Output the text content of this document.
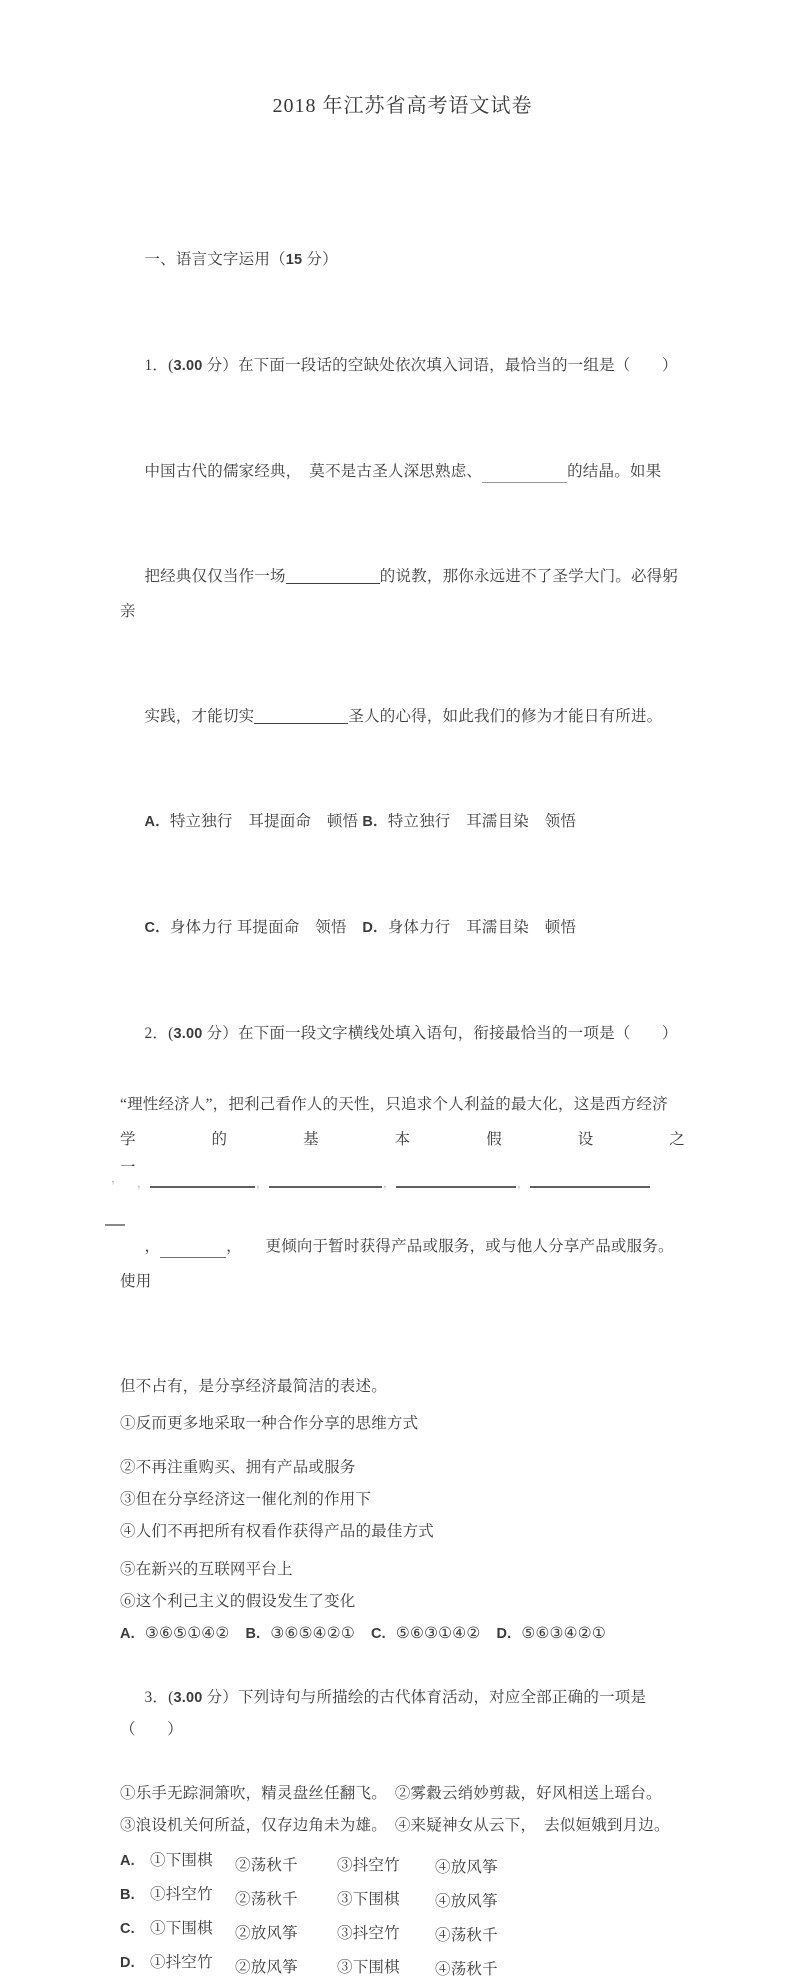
2018 年江苏省高考语文试卷

一、语言文字运用（15 分）

1．(3.00 分）在下面一段话的空缺处依次填入词语，最恰当的一组是（　　）

中国古代的儒家经典，　莫不是古圣人深思熟虑、	的结晶。如果

把经典仅仅当作一场	的说教，那你永远进不了圣学大门。必得躬亲

实践，才能切实	圣人的心得，如此我们的修为才能日有所进。

A．特立独行　耳提面命　顿悟 B．特立独行　耳濡目染　领悟

C．身体力行 耳提面命　领悟　D．身体力行　耳濡目染　顿悟

2．(3.00 分）在下面一段文字横线处填入语句，衔接最恰当的一项是（　　）

“理性经济人”，把利己看作人的天性，只追求个人利益的最大化，这是西方经济
学	的	基	本	假	设	之
一
， ，	，	，	，

，	，　　更倾向于暂时获得产品或服务，或与他人分享产品或服务。使用

但不占有，是分享经济最简洁的表述。
①反而更多地采取一种合作分享的思维方式
②不再注重购买、拥有产品或服务
③但在分享经济这一催化剂的作用下
④人们不再把所有权看作获得产品的最佳方式
⑤在新兴的互联网平台上
⑥这个利己主义的假设发生了变化
A. ③⑥⑤①④② B. ③⑥⑤④②① C. ⑤⑥③①④② D. ⑤⑥③④②①

3．(3.00 分）下列诗句与所描绘的古代体育活动，对应全部正确的一项是（　　）

①乐手无踪洞箫吹，精灵盘丝任翻飞。　②雾縠云绡妙剪裁，好风相送上瑶台。
③浪设机关何所益，仅存边角未为雄。　④来疑神女从云下，　去似姮娥到月边。
A. ①下围棋	②荡秋千	③抖空竹	④放风筝
B. ①抖空竹	②荡秋千	③下围棋	④放风筝
C. ①下围棋	②放风筝	③抖空竹	④荡秋千
D. ①抖空竹	②放风筝	③下围棋	④荡秋千
